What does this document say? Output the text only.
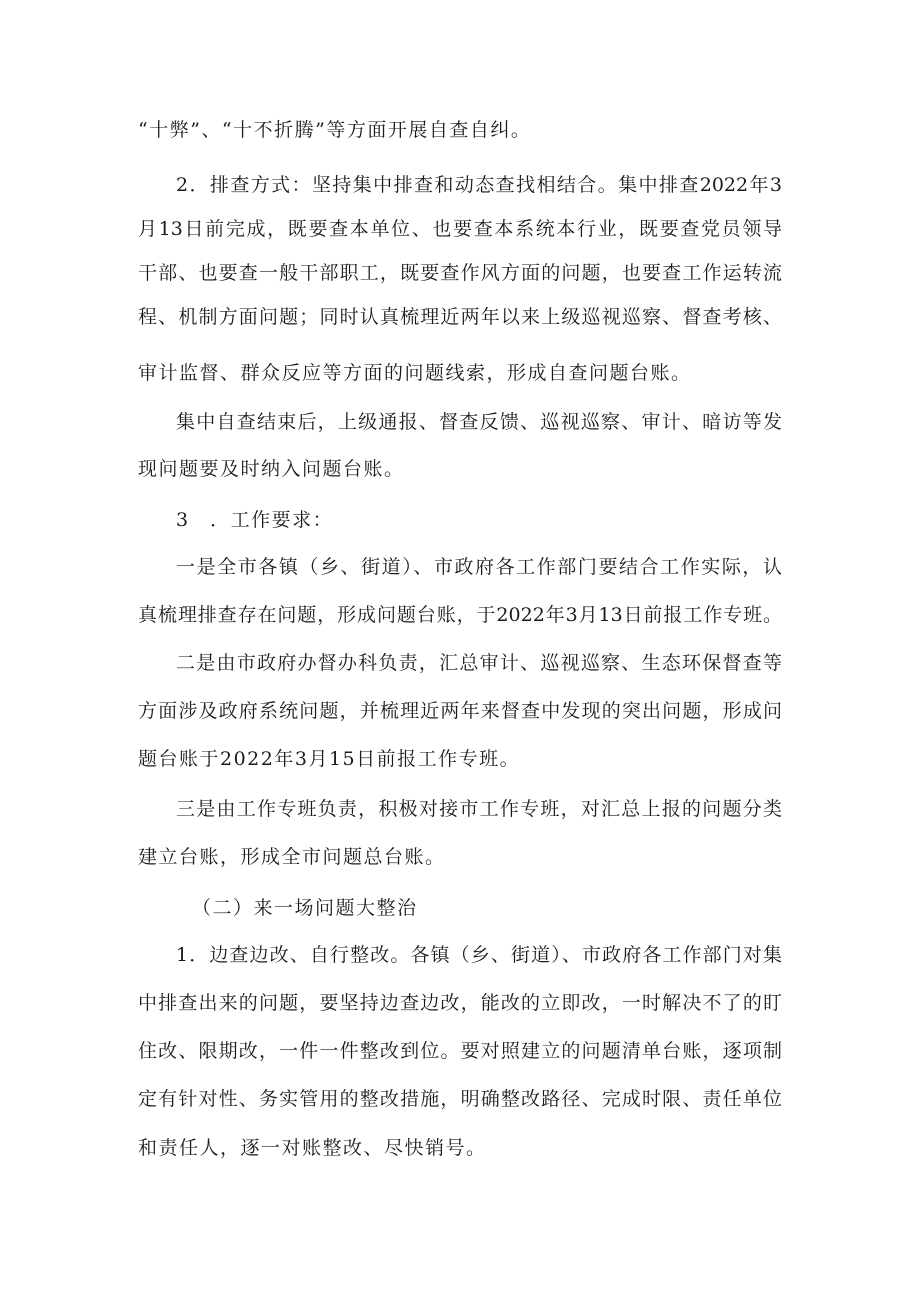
“十弊”、“十不折腾”等方面开展自查自纠。
2．排查方式：坚持集中排查和动态查找相结合。集中排查2022年3
月13日前完成，既要查本单位、也要查本系统本行业，既要查党员领导
干部、也要查一般干部职工，既要查作风方面的问题，也要查工作运转流
程、机制方面问题；同时认真梳理近两年以来上级巡视巡察、督查考核、
审计监督、群众反应等方面的问题线索，形成自查问题台账。
集中自查结束后，上级通报、督查反馈、巡视巡察、审计、暗访等发
现问题要及时纳入问题台账。
3　．工作要求：
一是全市各镇（乡、街道）、市政府各工作部门要结合工作实际，认
真梳理排查存在问题，形成问题台账，于2022年3月13日前报工作专班。
二是由市政府办督办科负责，汇总审计、巡视巡察、生态环保督查等
方面涉及政府系统问题，并梳理近两年来督查中发现的突出问题，形成问
题台账于2022年3月15日前报工作专班。
三是由工作专班负责，积极对接市工作专班，对汇总上报的问题分类
建立台账，形成全市问题总台账。
（二）来一场问题大整治
1．边查边改、自行整改。各镇（乡、街道）、市政府各工作部门对集
中排查出来的问题，要坚持边查边改，能改的立即改，一时解决不了的盯
住改、限期改，一件一件整改到位。要对照建立的问题清单台账，逐项制
定有针对性、务实管用的整改措施，明确整改路径、完成时限、责任单位
和责任人，逐一对账整改、尽快销号。
